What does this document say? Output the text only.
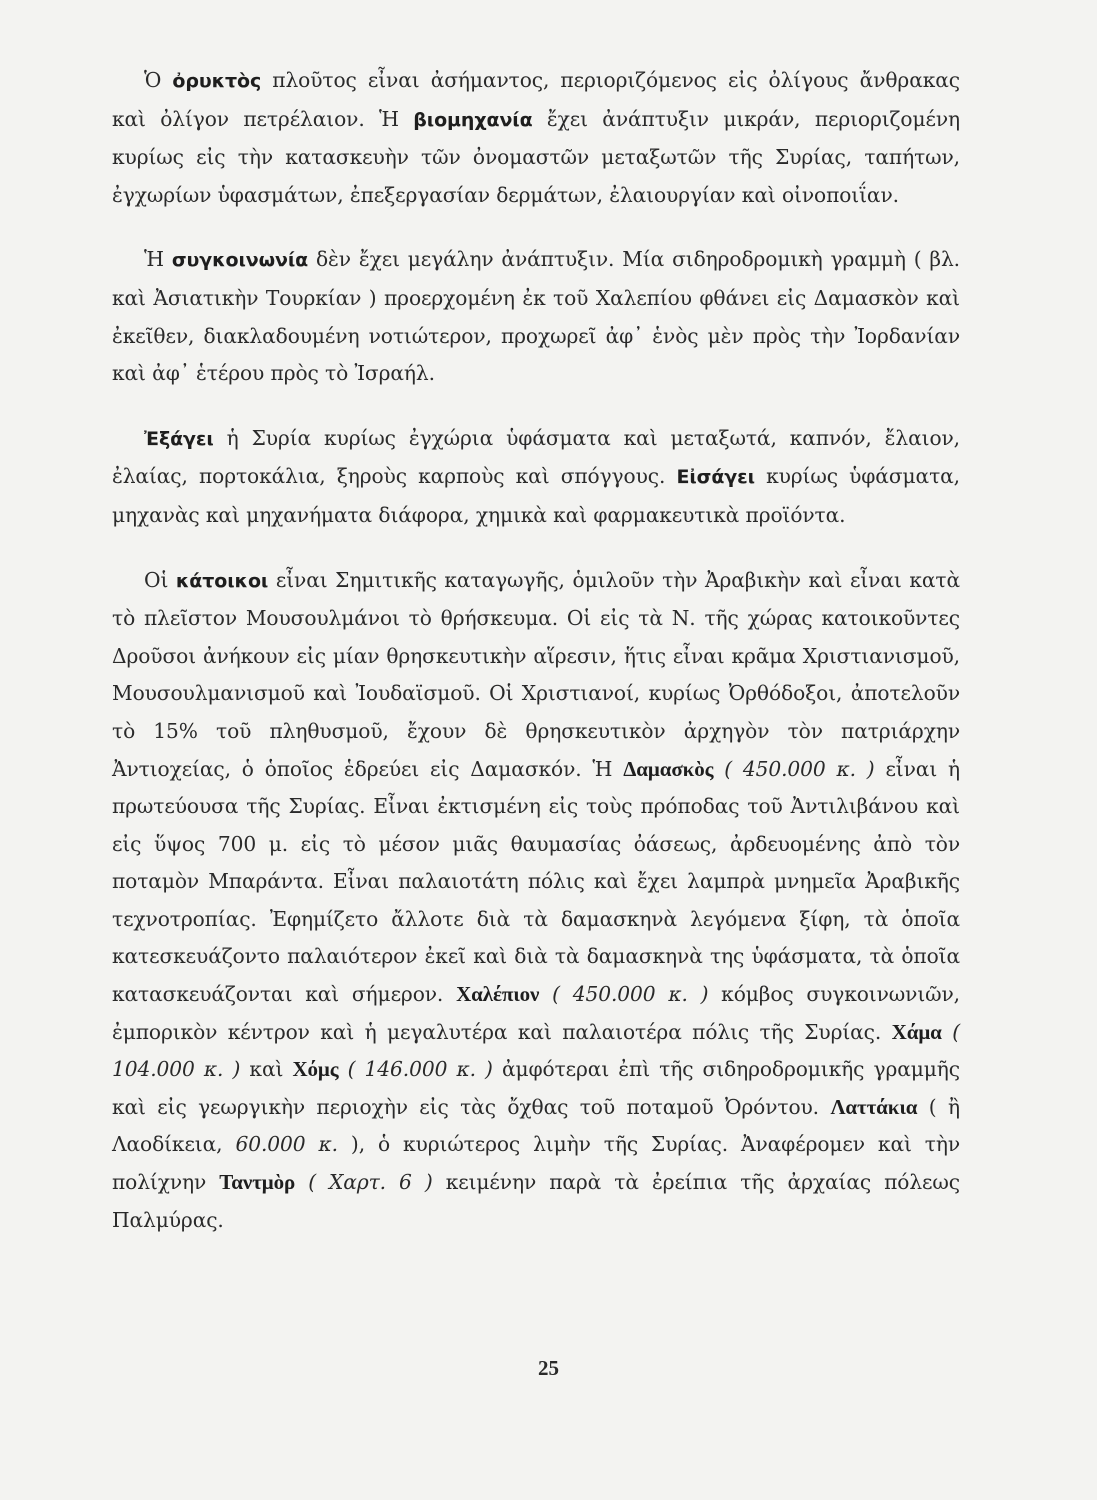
Ὁ ὀρυκτὸς πλοῦτος εἶναι ἀσήμαντος, περιοριζόμενος εἰς ὀλίγους ἄνθρακας καὶ ὀλίγον πετρέλαιον. Ἡ βιομηχανία ἔχει ἀνάπτυξιν μικράν, περιοριζομένη κυρίως εἰς τὴν κατασκευὴν τῶν ὀνομαστῶν μεταξωτῶν τῆς Συρίας, ταπήτων, ἐγχωρίων ὑφασμάτων, ἐπεξεργασίαν δερμάτων, ἐλαιουργίαν καὶ οἰνοποιΐαν.

Ἡ συγκοινωνία δὲν ἔχει μεγάλην ἀνάπτυξιν. Μία σιδηροδρομικὴ γραμμὴ ( βλ. καὶ Ἀσιατικὴν Τουρκίαν ) προερχομένη ἐκ τοῦ Χαλεπίου φθάνει εἰς Δαμασκὸν καὶ ἐκεῖθεν, διακλαδουμένη νοτιώτερον, προχωρεῖ ἀφ᾽ ἑνὸς μὲν πρὸς τὴν Ἰορδανίαν καὶ ἀφ᾽ ἑτέρου πρὸς τὸ Ἰσραήλ.

Ἐξάγει ἡ Συρία κυρίως ἐγχώρια ὑφάσματα καὶ μεταξωτά, καπνόν, ἔλαιον, ἐλαίας, πορτοκάλια, ξηροὺς καρποὺς καὶ σπόγγους. Εἰσάγει κυρίως ὑφάσματα, μηχανὰς καὶ μηχανήματα διάφορα, χημικὰ καὶ φαρμακευτικὰ προϊόντα.

Οἱ κάτοικοι εἶναι Σημιτικῆς καταγωγῆς, ὁμιλοῦν τὴν Ἀραβικὴν καὶ εἶναι κατὰ τὸ πλεῖστον Μουσουλμάνοι τὸ θρήσκευμα. Οἱ εἰς τὰ Ν. τῆς χώρας κατοικοῦντες Δροῦσοι ἀνήκουν εἰς μίαν θρησκευτικὴν αἵρεσιν, ἥτις εἶναι κρᾶμα Χριστιανισμοῦ, Μουσουλμανισμοῦ καὶ Ἰουδαϊσμοῦ. Οἱ Χριστιανοί, κυρίως Ὀρθόδοξοι, ἀποτελοῦν τὸ 15% τοῦ πληθυσμοῦ, ἔχουν δὲ θρησκευτικὸν ἀρχηγὸν τὸν πατριάρχην Ἀντιοχείας, ὁ ὁποῖος ἑδρεύει εἰς Δαμασκόν. Ἡ Δαμασκὸς ( 450.000 κ. ) εἶναι ἡ πρωτεύουσα τῆς Συρίας. Εἶναι ἐκτισμένη εἰς τοὺς πρόποδας τοῦ Ἀντιλιβάνου καὶ εἰς ὕψος 700 μ. εἰς τὸ μέσον μιᾶς θαυμασίας ὀάσεως, ἀρδευομένης ἀπὸ τὸν ποταμὸν Μπαράντα. Εἶναι παλαιοτάτη πόλις καὶ ἔχει λαμπρὰ μνημεῖα Ἀραβικῆς τεχνοτροπίας. Ἐφημίζετο ἄλλοτε διὰ τὰ δαμασκηνὰ λεγόμενα ξίφη, τὰ ὁποῖα κατεσκευάζοντο παλαιότερον ἐκεῖ καὶ διὰ τὰ δαμασκηνὰ της ὑφάσματα, τὰ ὁποῖα κατασκευάζονται καὶ σήμερον. Χαλέπιον ( 450.000 κ. ) κόμβος συγκοινωνιῶν, ἐμπορικὸν κέντρον καὶ ἡ μεγαλυτέρα καὶ παλαιοτέρα πόλις τῆς Συρίας. Χάμα ( 104.000 κ. ) καὶ Χόμς ( 146.000 κ. ) ἀμφότεραι ἐπὶ τῆς σιδηροδρομικῆς γραμμῆς καὶ εἰς γεωργικὴν περιοχὴν εἰς τὰς ὄχθας τοῦ ποταμοῦ Ὀρόντου. Λαττάκια ( ἢ Λαοδίκεια, 60.000 κ. ), ὁ κυριώτερος λιμὴν τῆς Συρίας. Ἀναφέρομεν καὶ τὴν πολίχνην Ταντμὸρ ( Χαρτ. 6 ) κειμένην παρὰ τὰ ἐρείπια τῆς ἀρχαίας πόλεως Παλμύρας.

25
